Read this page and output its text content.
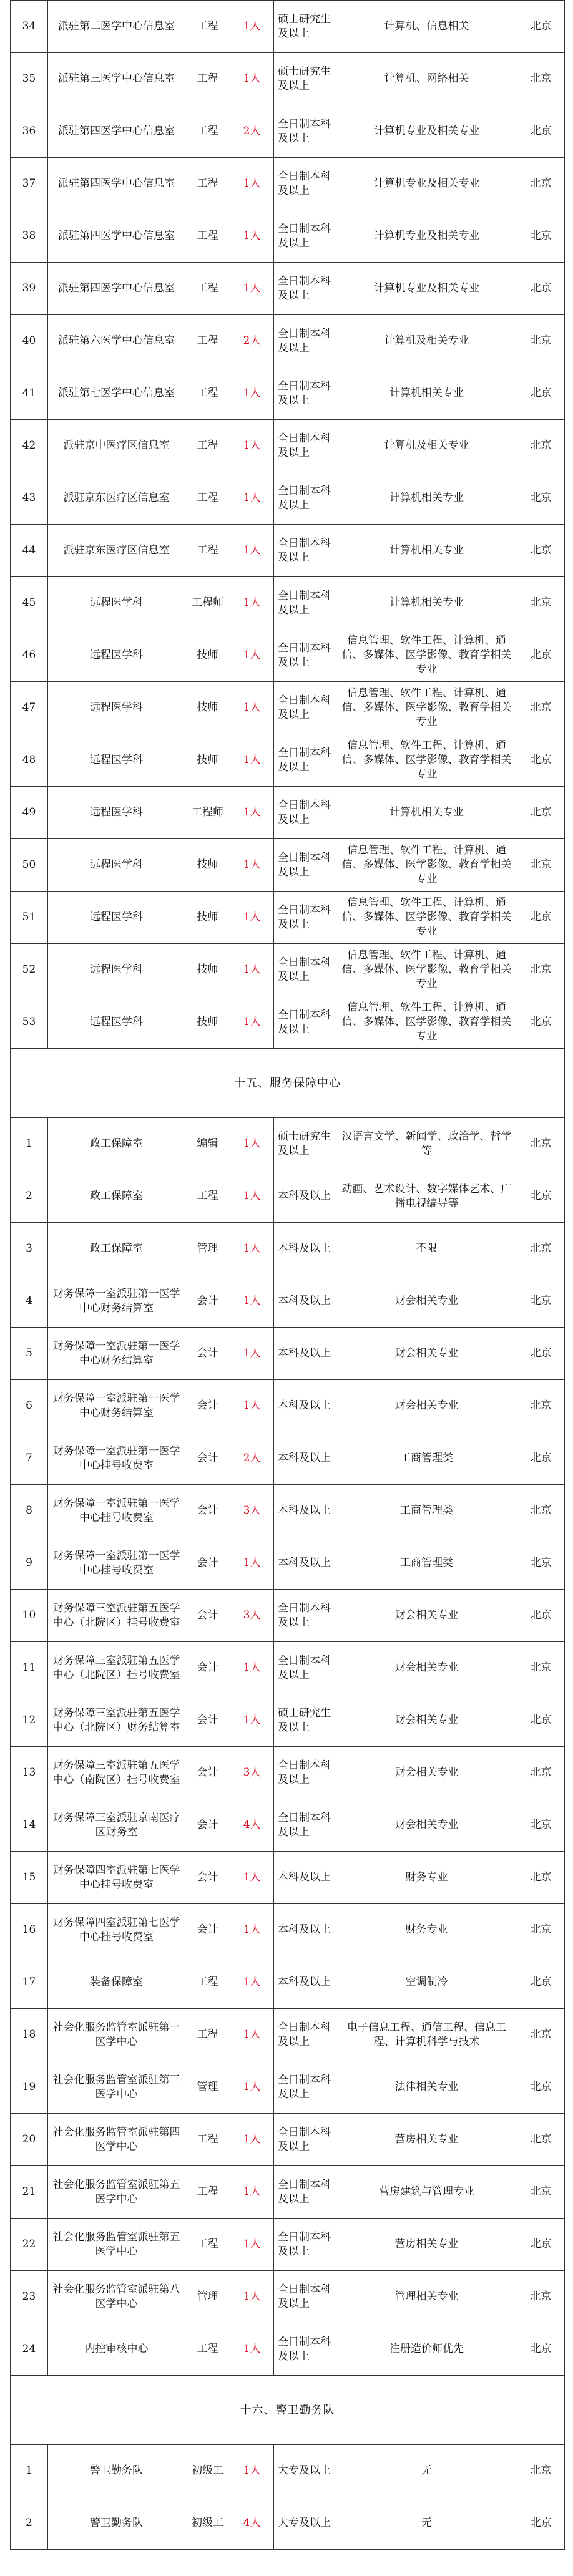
34	派驻第二医学中心信息室	工程	1人	硕士研究生及以上	计算机、信息相关	北京
35	派驻第三医学中心信息室	工程	1人	硕士研究生及以上	计算机、网络相关	北京
36	派驻第四医学中心信息室	工程	2人	全日制本科及以上	计算机专业及相关专业	北京
37	派驻第四医学中心信息室	工程	1人	全日制本科及以上	计算机专业及相关专业	北京
38	派驻第四医学中心信息室	工程	1人	全日制本科及以上	计算机专业及相关专业	北京
39	派驻第四医学中心信息室	工程	1人	全日制本科及以上	计算机专业及相关专业	北京
40	派驻第六医学中心信息室	工程	2人	全日制本科及以上	计算机及相关专业	北京
41	派驻第七医学中心信息室	工程	1人	全日制本科及以上	计算机相关专业	北京
42	派驻京中医疗区信息室	工程	1人	全日制本科及以上	计算机及相关专业	北京
43	派驻京东医疗区信息室	工程	1人	全日制本科及以上	计算机相关专业	北京
44	派驻京东医疗区信息室	工程	1人	全日制本科及以上	计算机相关专业	北京
45	远程医学科	工程师	1人	全日制本科及以上	计算机相关专业	北京
46	远程医学科	技师	1人	全日制本科及以上	信息管理、软件工程、计算机、通信、多媒体、医学影像、教育学相关专业	北京
47	远程医学科	技师	1人	全日制本科及以上	信息管理、软件工程、计算机、通信、多媒体、医学影像、教育学相关专业	北京
48	远程医学科	技师	1人	全日制本科及以上	信息管理、软件工程、计算机、通信、多媒体、医学影像、教育学相关专业	北京
49	远程医学科	工程师	1人	全日制本科及以上	计算机相关专业	北京
50	远程医学科	技师	1人	全日制本科及以上	信息管理、软件工程、计算机、通信、多媒体、医学影像、教育学相关专业	北京
51	远程医学科	技师	1人	全日制本科及以上	信息管理、软件工程、计算机、通信、多媒体、医学影像、教育学相关专业	北京
52	远程医学科	技师	1人	全日制本科及以上	信息管理、软件工程、计算机、通信、多媒体、医学影像、教育学相关专业	北京
53	远程医学科	技师	1人	全日制本科及以上	信息管理、软件工程、计算机、通信、多媒体、医学影像、教育学相关专业	北京
十五、服务保障中心						
1	政工保障室	编辑	1人	硕士研究生及以上	汉语言文学、新闻学、政治学、哲学等	北京
2	政工保障室	工程	1人	本科及以上	动画、艺术设计、数字媒体艺术、广播电视编导等	北京
3	政工保障室	管理	1人	本科及以上	不限	北京
4	财务保障一室派驻第一医学中心财务结算室	会计	1人	本科及以上	财会相关专业	北京
5	财务保障一室派驻第一医学中心财务结算室	会计	1人	本科及以上	财会相关专业	北京
6	财务保障一室派驻第一医学中心财务结算室	会计	1人	本科及以上	财会相关专业	北京
7	财务保障一室派驻第一医学中心挂号收费室	会计	2人	本科及以上	工商管理类	北京
8	财务保障一室派驻第一医学中心挂号收费室	会计	3人	本科及以上	工商管理类	北京
9	财务保障一室派驻第一医学中心挂号收费室	会计	1人	本科及以上	工商管理类	北京
10	财务保障三室派驻第五医学中心（北院区）挂号收费室	会计	3人	全日制本科及以上	财会相关专业	北京
11	财务保障三室派驻第五医学中心（北院区）挂号收费室	会计	1人	全日制本科及以上	财会相关专业	北京
12	财务保障三室派驻第五医学中心（北院区）财务结算室	会计	1人	硕士研究生及以上	财会相关专业	北京
13	财务保障三室派驻第五医学中心（南院区）挂号收费室	会计	3人	全日制本科及以上	财会相关专业	北京
14	财务保障三室派驻京南医疗区财务室	会计	4人	全日制本科及以上	财会相关专业	北京
15	财务保障四室派驻第七医学中心挂号收费室	会计	1人	本科及以上	财务专业	北京
16	财务保障四室派驻第七医学中心挂号收费室	会计	1人	本科及以上	财务专业	北京
17	装备保障室	工程	1人	本科及以上	空调制冷	北京
18	社会化服务监管室派驻第一医学中心	工程	1人	全日制本科及以上	电子信息工程、通信工程、信息工程、计算机科学与技术	北京
19	社会化服务监管室派驻第三医学中心	管理	1人	全日制本科及以上	法律相关专业	北京
20	社会化服务监管室派驻第四医学中心	工程	1人	全日制本科及以上	营房相关专业	北京
21	社会化服务监管室派驻第五医学中心	工程	1人	全日制本科及以上	营房建筑与管理专业	北京
22	社会化服务监管室派驻第五医学中心	工程	1人	全日制本科及以上	营房相关专业	北京
23	社会化服务监管室派驻第八医学中心	管理	1人	全日制本科及以上	管理相关专业	北京
24	内控审核中心	工程	1人	全日制本科及以上	注册造价师优先	北京
十六、警卫勤务队						
1	警卫勤务队	初级工	1人	大专及以上	无	北京
2	警卫勤务队	初级工	4人	大专及以上	无	北京
